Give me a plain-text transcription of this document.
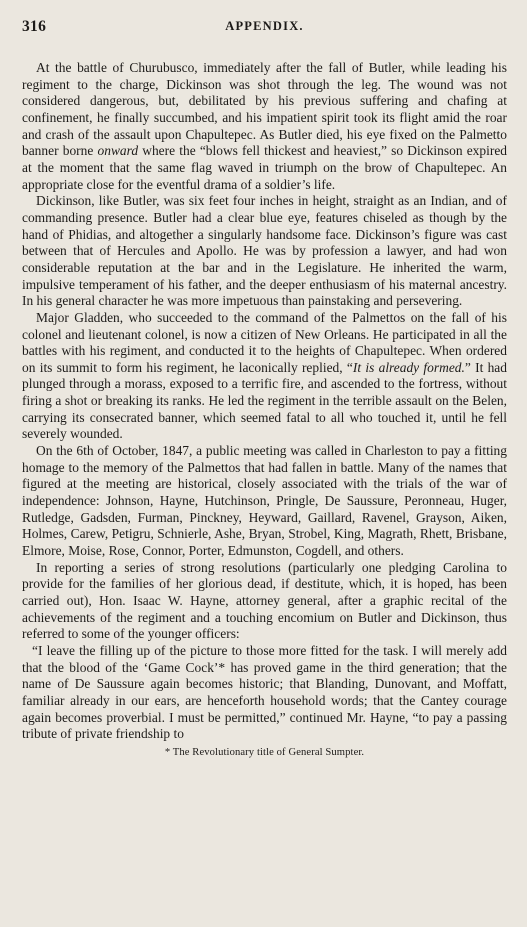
316	APPENDIX.

At the battle of Churubusco, immediately after the fall of Butler, while leading his regiment to the charge, Dickinson was shot through the leg. The wound was not considered dangerous, but, debilitated by his previous suffering and chafing at confinement, he finally succumbed, and his impatient spirit took its flight amid the roar and crash of the assault upon Chapultepec. As Butler died, his eye fixed on the Palmetto banner borne onward where the “blows fell thickest and heaviest,” so Dickinson expired at the moment that the same flag waved in triumph on the brow of Chapultepec. An appropriate close for the eventful drama of a soldier’s life.

Dickinson, like Butler, was six feet four inches in height, straight as an Indian, and of commanding presence. Butler had a clear blue eye, features chiseled as though by the hand of Phidias, and altogether a singularly handsome face. Dickinson’s figure was cast between that of Hercules and Apollo. He was by profession a lawyer, and had won considerable reputation at the bar and in the Legislature. He inherited the warm, impulsive temperament of his father, and the deeper enthusiasm of his maternal ancestry. In his general character he was more impetuous than painstaking and persevering.

Major Gladden, who succeeded to the command of the Palmettos on the fall of his colonel and lieutenant colonel, is now a citizen of New Orleans. He participated in all the battles with his regiment, and conducted it to the heights of Chapultepec. When ordered on its summit to form his regiment, he laconically replied, “It is already formed.” It had plunged through a morass, exposed to a terrific fire, and ascended to the fortress, without firing a shot or breaking its ranks. He led the regiment in the terrible assault on the Belen, carrying its consecrated banner, which seemed fatal to all who touched it, until he fell severely wounded.

On the 6th of October, 1847, a public meeting was called in Charleston to pay a fitting homage to the memory of the Palmettos that had fallen in battle. Many of the names that figured at the meeting are historical, closely associated with the trials of the war of independence: Johnson, Hayne, Hutchinson, Pringle, De Saussure, Peronneau, Huger, Rutledge, Gadsden, Furman, Pinckney, Heyward, Gaillard, Ravenel, Grayson, Aiken, Holmes, Carew, Petigru, Schnierle, Ashe, Bryan, Strobel, King, Magrath, Rhett, Brisbane, Elmore, Moise, Rose, Connor, Porter, Edmunston, Cogdell, and others.

In reporting a series of strong resolutions (particularly one pledging Carolina to provide for the families of her glorious dead, if destitute, which, it is hoped, has been carried out), Hon. Isaac W. Hayne, attorney general, after a graphic recital of the achievements of the regiment and a touching encomium on Butler and Dickinson, thus referred to some of the younger officers:

“I leave the filling up of the picture to those more fitted for the task. I will merely add that the blood of the ‘Game Cock’* has proved game in the third generation; that the name of De Saussure again becomes historic; that Blanding, Dunovant, and Moffatt, familiar already in our ears, are henceforth household words; that the Cantey courage again becomes proverbial. I must be permitted,” continued Mr. Hayne, “to pay a passing tribute of private friendship to

* The Revolutionary title of General Sumpter.
